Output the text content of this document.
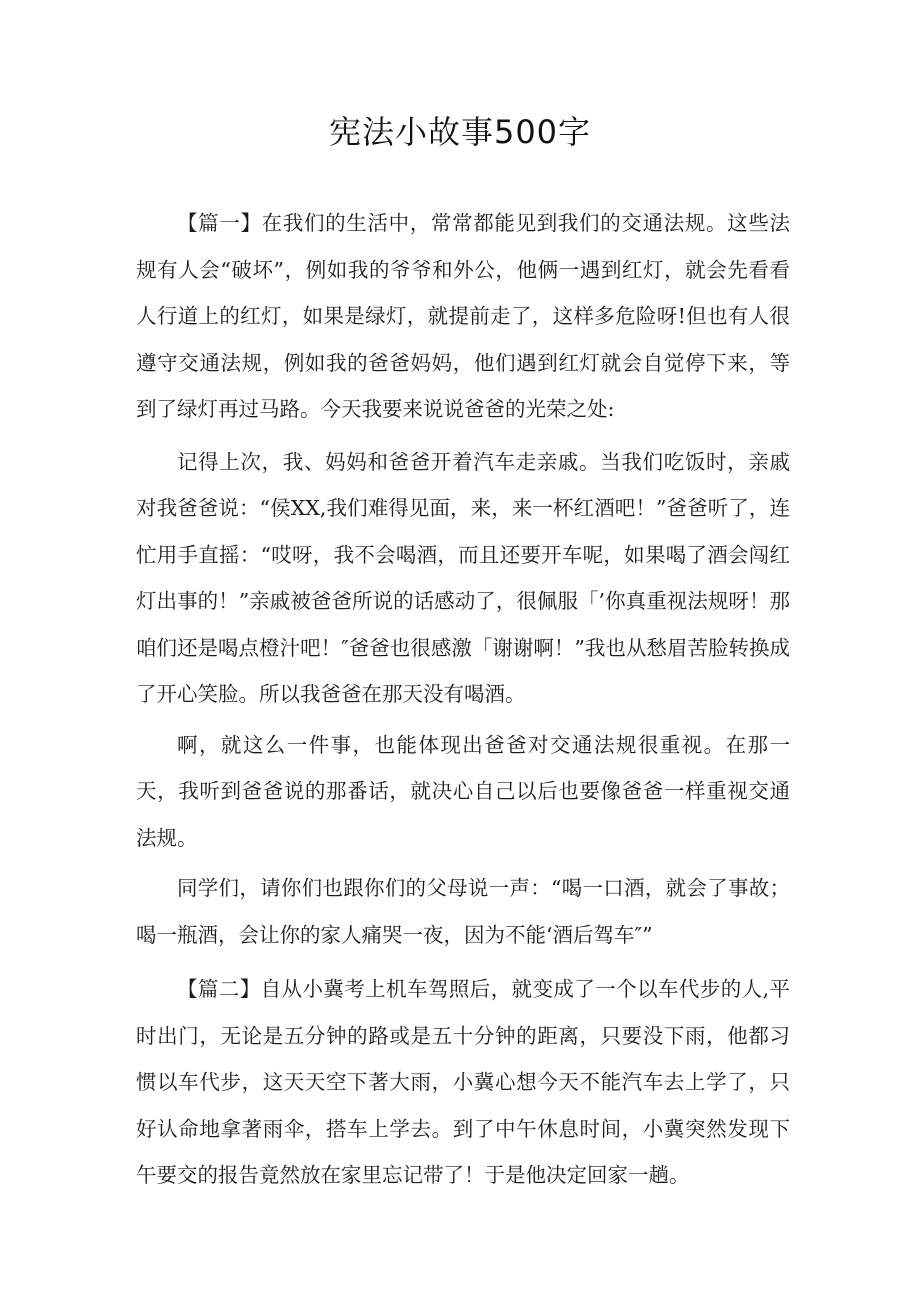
宪法小故事500字

【篇一】在我们的生活中，常常都能见到我们的交通法规。这些法规有人会“破坏”，例如我的爷爷和外公，他俩一遇到红灯，就会先看看人行道上的红灯，如果是绿灯，就提前走了，这样多危险呀!但也有人很遵守交通法规，例如我的爸爸妈妈，他们遇到红灯就会自觉停下来，等到了绿灯再过马路。今天我要来说说爸爸的光荣之处:

记得上次，我、妈妈和爸爸开着汽车走亲戚。当我们吃饭时，亲戚对我爸爸说：“侯XX,我们难得见面，来，来一杯红酒吧！”爸爸听了，连忙用手直摇：“哎呀，我不会喝酒，而且还要开车呢，如果喝了酒会闯红灯出事的！”亲戚被爸爸所说的话感动了，很佩服「’你真重视法规呀！那咱们还是喝点橙汁吧！″爸爸也很感激「谢谢啊！”我也从愁眉苦脸转换成了开心笑脸。所以我爸爸在那天没有喝酒。

啊，就这么一件事，也能体现出爸爸对交通法规很重视。在那一天，我听到爸爸说的那番话，就决心自己以后也要像爸爸一样重视交通法规。

同学们，请你们也跟你们的父母说一声：“喝一口酒，就会了事故；喝一瓶酒，会让你的家人痛哭一夜，因为不能‘酒后驾车″”

【篇二】自从小冀考上机车驾照后，就变成了一个以车代步的人,平时出门，无论是五分钟的路或是五十分钟的距离，只要没下雨，他都习惯以车代步，这天天空下著大雨，小冀心想今天不能汽车去上学了，只好认命地拿著雨伞，搭车上学去。到了中午休息时间，小冀突然发现下午要交的报告竟然放在家里忘记带了！于是他决定回家一趟。
